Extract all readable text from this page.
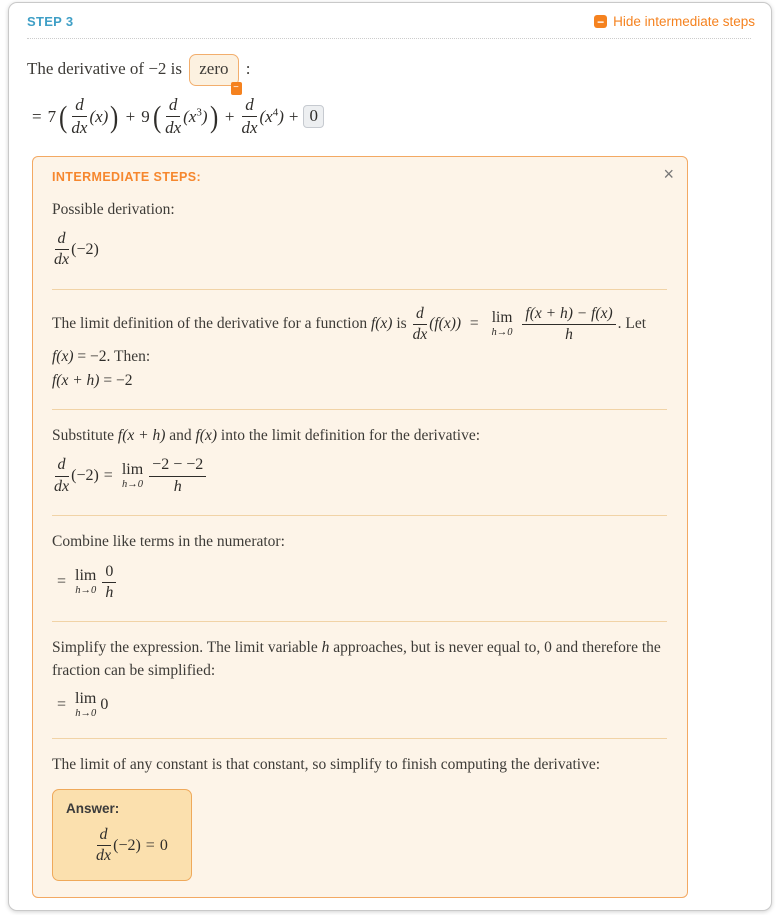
STEP 3	− Hide intermediate steps

The derivative of −2 is zero
−
:

= 7 ( $\frac{d}{dx} (x)$ ) + 9 ( $\frac{d}{dx} (x^3)$ ) + $\frac{d}{dx} (x^4) + 0$
×
INTERMEDIATE STEPS:

Possible derivation:

$\frac{d}{dx} (-2)$

The limit definition of the derivative for a function f(x) is $\frac{d}{dx} (f(x)) = \lim$
h→0
$\frac{f(x + h) - f(x)}{h}$ . Let

f(x) = −2. Then:

f(x + h) = −2

Substitute f(x + h) and f(x) into the limit definition for the derivative:

$\frac{d}{dx} (-2) = \lim$
$h\to 0 \frac{-2 - -2}{h}$

Combine like terms in the numerator:

= lim
$h\to 0 \frac{0}{h}$

Simplify the expression. The limit variable h approaches, but is never equal to, 0 and therefore the fraction can be simplified:

= lim
h→0
0

The limit of any constant is that constant, so simplify to finish computing the derivative:

Answer:
$\frac{d}{dx} (-2) = 0$
